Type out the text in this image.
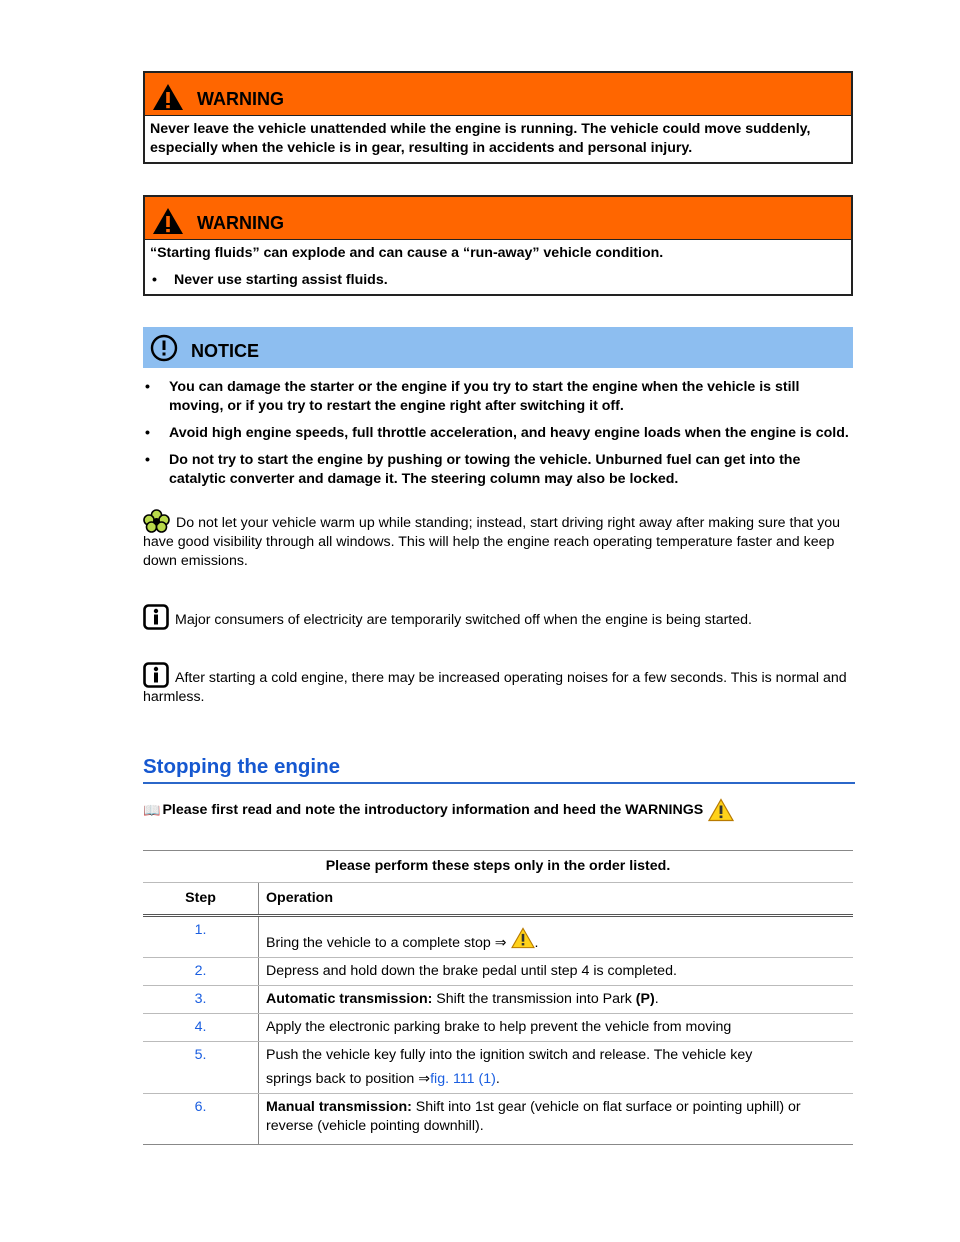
WARNING
Never leave the vehicle unattended while the engine is running. The vehicle could move suddenly, especially when the vehicle is in gear, resulting in accidents and personal injury.
WARNING
“Starting fluids” can explode and can cause a “run-away” vehicle condition.
•	Never use starting assist fluids.
NOTICE
•	You can damage the starter or the engine if you try to start the engine when the vehicle is still moving, or if you try to restart the engine right after switching it off.
•	Avoid high engine speeds, full throttle acceleration, and heavy engine loads when the engine is cold.
•	Do not try to start the engine by pushing or towing the vehicle. Unburned fuel can get into the catalytic converter and damage it. The steering column may also be locked.
Do not let your vehicle warm up while standing; instead, start driving right away after making sure that you have good visibility through all windows. This will help the engine reach operating temperature faster and keep down emissions.
Major consumers of electricity are temporarily switched off when the engine is being started.
After starting a cold engine, there may be increased operating noises for a few seconds. This is normal and harmless.
Stopping the engine
📖 Please first read and note the introductory information and heed the WARNINGS
Please perform these steps only in the order listed.	
Step	Operation
1.	Bring the vehicle to a complete stop ⇒ .
2.	Depress and hold down the brake pedal until step 4 is completed.
3.	Automatic transmission: Shift the transmission into Park (P).
4.	Apply the electronic parking brake to help prevent the vehicle from moving
5.	Push the vehicle key fully into the ignition switch and release. The vehicle key
springs back to position ⇒fig. 111 (1).

6.	Manual transmission: Shift into 1st gear (vehicle on flat surface or pointing uphill) or reverse (vehicle pointing downhill).
